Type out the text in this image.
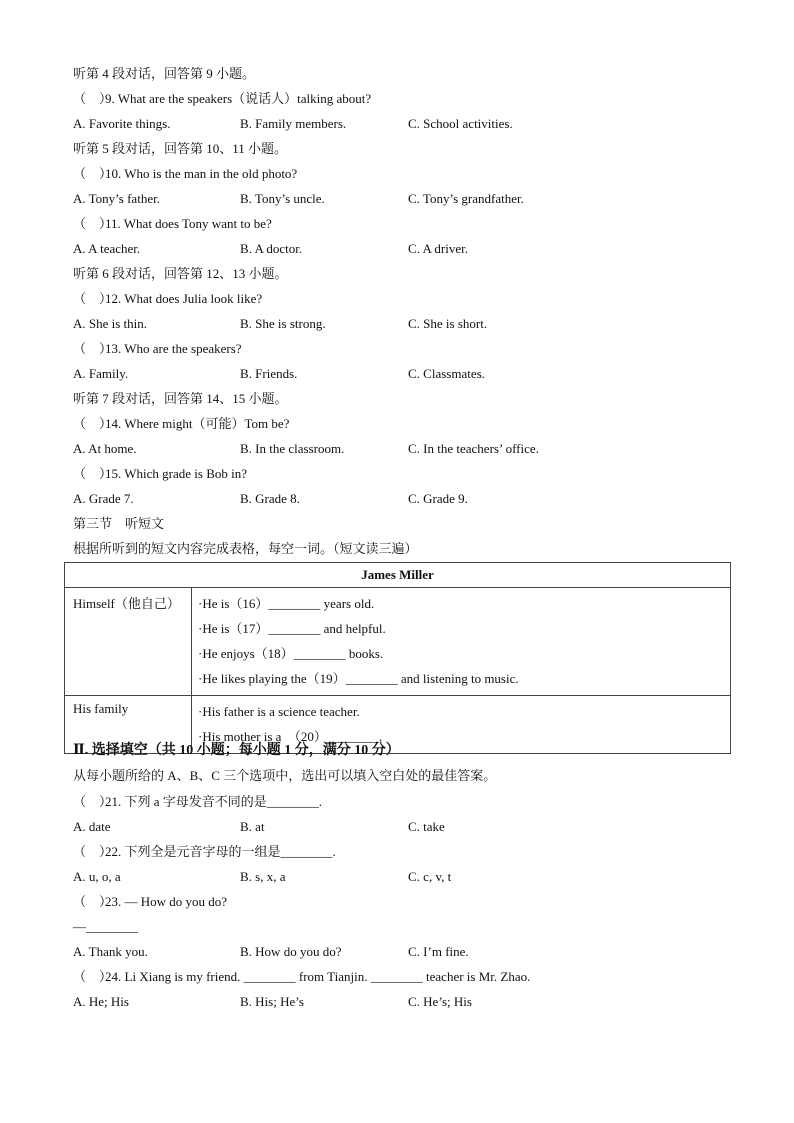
听第 4 段对话，回答第 9 小题。
（　）9. What are the speakers（说话人）talking about?
A. Favorite things.	B. Family members.	C. School activities.
听第 5 段对话，回答第 10、11 小题。
（　）10. Who is the man in the old photo?
A. Tony’s father.	B. Tony’s uncle.	C. Tony’s grandfather.
（　）11. What does Tony want to be?
A. A teacher.	B. A doctor.	C. A driver.
听第 6 段对话，回答第 12、13 小题。
（　）12. What does Julia look like?
A. She is thin.	B. She is strong.	C. She is short.
（　）13. Who are the speakers?
A. Family.	B. Friends.	C. Classmates.
听第 7 段对话，回答第 14、15 小题。
（　）14. Where might（可能）Tom be?
A. At home.	B. In the classroom.	C. In the teachers’ office.
（　）15. Which grade is Bob in?
A. Grade 7.	B. Grade 8.	C. Grade 9.
第三节　听短文
根据所听到的短文内容完成表格，每空一词。（短文读三遍）
James Miller	
Himself（他自己）	·He is（16）________ years old.
·He is（17）________ and helpful.
·He enjoys（18）________ books.
·He likes playing the（19）________ and listening to music.

His family	·His father is a science teacher.
·His mother is a　（20）________.
Ⅱ. 选择填空（共 10 小题；每小题 1 分，满分 10 分）
从每小题所给的 A、B、C 三个选项中，选出可以填入空白处的最佳答案。
（　）21. 下列 a 字母发音不同的是________.
A. date	B. at	C. take
（　）22. 下列全是元音字母的一组是________.
A. u, o, a	B. s, x, a	C. c, v, t
（　）23. — How do you do?
—________
A. Thank you.	B. How do you do?	C. I’m fine.
（　）24. Li Xiang is my friend. ________ from Tianjin. ________ teacher is Mr. Zhao.
A. He; His	B. His; He’s	C. He’s; His
